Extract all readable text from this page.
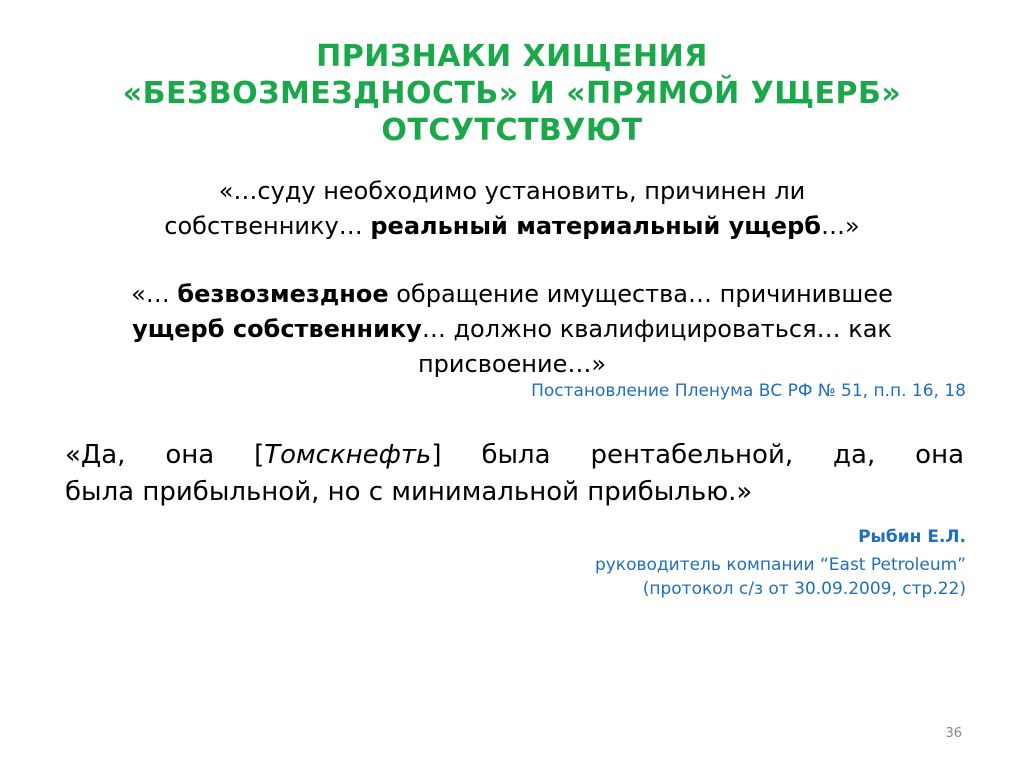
ПРИЗНАКИ ХИЩЕНИЯ
«БЕЗВОЗМЕЗДНОСТЬ» И «ПРЯМОЙ УЩЕРБ»
ОТСУТСТВУЮТ
«…суду необходимо установить, причинен ли
собственнику… реальный материальный ущерб…»
«… безвозмездное обращение имущества… причинившее
ущерб собственнику… должно квалифицироваться… как
присвоение…»
Постановление Пленума ВС РФ № 51, п.п. 16, 18
«Да, она [Томскнефть] была рентабельной, да, она
была прибыльной, но с минимальной прибылью.»
Рыбин Е.Л.
руководитель компании “East Petroleum”
(протокол с/з от 30.09.2009, стр.22)
36
